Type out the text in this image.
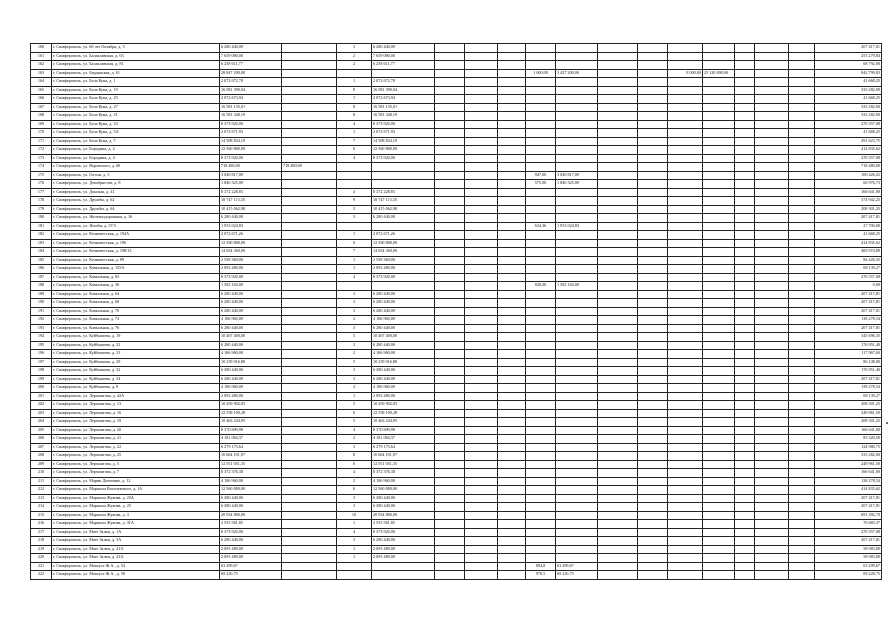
160	г. Симферополь, ул. 60 лет Октября, д. 3	6 280 440,00		3	6 280 440,00													207 417,81
161	г. Симферополь, ул. Балаклавская, д. 63	7 659 080,00		2	7 659 080,00													253 279,84
162	г. Симферополь, ул. Балаклавская, д. 81	6 238 611,77		2	6 238 611,77													68 792,00
163	г. Симферополь, ул. Бердянская, д. 61	28 847 200,00							1 600,00	3 427 200,00			8 000,00	25 120 000,00				842 799,83
164	г. Симферополь, ул. Бела Куна, д. 1	2 072 672,78		1	2 072 672,78													41 668,25
165	г. Симферополь, ул. Бела Куна, д. 19	16 581 390,04		8	16 581 390,04													333 282,00
166	г. Симферополь, ул. Бела Куна, д. 25	2 072 673,94		1	2 072 673,94													41 668,25
167	г. Симферополь, ул. Бела Куна, д. 27	16 581 135,01		8	16 581 135,01													333 282,00
168	г. Симферополь, ул. Бела Куна, д. 31	16 581 348,19		8	16 581 348,19													333 282,00
169	г. Симферополь, ул. Бела Куна, д. 33	8 373 920,00		4	8 373 920,00													276 557,08
170	г. Симферополь, ул. Бела Куна, д. 5А	2 072 671,93		1	2 072 671,93													41 668,25
171	г. Симферополь, ул. Бела Куна, д. 7	14 508 834,19		7	14 508 834,19													291 623,75
172	г. Симферополь, ул. Бородина, д. 2	12 560 880,00		6	12 560 880,00													414 835,62
173	г. Симферополь, ул. Бородина, д. 4	8 373 920,00		4	8 373 920,00													276 557,08
174	г. Симферополь, ул. Воровского, д. 60	718 480,00	718 480,00															718 480,00
175	г. Симферополь, ул. Гоголя, д. 5	3 040 817,00							947,00	3 040 817,00								100 426,02
176	г. Симферополь, ул. Декабристов, д. 8	1 846 325,00							575,00	1 846 325,00								60 976,73
177	г. Симферополь, ул. Донская, д. 41	8 372 228,83		4	8 372 228,83													166 641,00
178	г. Симферополь, ул. Дружбы, д. 62	18 747 113,35		9	18 747 113,35													374 942,25
179	г. Симферополь, ул. Дружбы, д. 64	10 415 062,98		5	10 415 062,98													208 301,25
180	г. Симферополь, ул. Железнодорожная, д. 16	6 280 440,00		3	6 280 440,00													207 417,81
181	г. Симферополь, ул. Жлобы, д. 37/3	1 933 024,83							634,36	1 933 024,83								27 700,00
182	г. Симферополь, ул. Кечкеметская, д. 194А	2 072 671,26		1	2 072 671,26													41 668,25
183	г. Симферополь, ул. Кечкеметская, д. 196	12 560 880,00		6	12 560 880,00													414 835,62
184	г. Симферополь, ул. Кечкеметская, д. 198/13	14 654 360,00		7	14 654 360,00													483 974,89
185	г. Симферополь, ул. Кечкеметская, д. 89	2 558 360,00		1	2 558 360,00													84 426,35
186	г. Симферополь, ул. Ковыльная, д. 155А	2 093 480,00		1	2 093 480,00													69 139,27
187	г. Симферополь, ул. Ковыльная, д. 83	8 373 920,00		4	8 373 920,00													276 557,08
188	г. Симферополь, ул. Ковыльная, д. 36	1 582 104,00							828,00	1 582 104,00								0,00
189	г. Симферополь, ул. Ковыльная, д. 64	6 280 440,00		3	6 280 440,00													207 417,81
190	г. Симферополь, ул. Ковыльная, д. 68	6 280 440,00		3	6 280 440,00													207 417,81
191	г. Симферополь, ул. Ковыльная, д. 70	6 280 440,00		3	6 280 440,00													207 417,81
192	г. Симферополь, ул. Ковыльная, д. 74	4 186 960,00		2	4 186 960,00													138 278,54
193	г. Симферополь, ул. Ковыльная, д. 76	6 280 440,00		3	6 280 440,00													207 417,81
194	г. Симферополь, ул. Куйбышева, д. 19	10 467 400,00		5	10 467 400,00													345 696,35
195	г. Симферополь, ул. Куйбышева, д. 22	6 280 440,00		3	6 280 440,00													176 951,40
196	г. Симферополь, ул. Куйбышева, д. 23	4 186 960,00		2	4 186 960,00													117 967,60
197	г. Симферополь, ул. Куйбышева, д. 29	10 239 016,80		5	10 239 016,80													86 148,00
198	г. Симферополь, ул. Куйбышева, д. 32	6 280 440,00		3	6 280 440,00													176 951,40
199	г. Симферополь, ул. Куйбышева, д. 34	6 280 440,00		3	6 280 440,00													207 417,81
200	г. Симферополь, ул. Куйбышева, д. 9	4 186 960,00		2	4 186 960,00													138 278,54
201	г. Симферополь, ул. Лермонтова, д. 42А	2 093 480,00		1	2 093 480,00													69 139,27
202	г. Симферополь, ул. Лермонтова, д. 13	10 459 902,83		5	10 459 902,83													208 301,25
203	г. Симферополь, ул. Лермонтова, д. 16	12 558 100,28		6	12 558 100,28													249 961,50
204	г. Симферополь, ул. Лермонтова, д. 18	10 463 244,95		5	10 463 244,95													208 301,25
205	г. Симферополь, ул. Лермонтова, д. 20	8 370 699,98		4	8 370 699,98													166 641,00
206	г. Симферополь, ул. Лермонтова, д. 21	4 181 064,37		2	4 181 064,37													83 320,50
207	г. Симферополь, ул. Лермонтова, д. 22	6 279 175,64		3	6 279 175,64													124 980,75
208	г. Симферополь, ул. Лермонтова, д. 25	16 664 101,97		8	16 664 101,97													333 282,00
209	г. Симферополь, ул. Лермонтова, д. 5	12 551 051,35		6	12 551 051,35													249 961,50
210	г. Симферополь, ул. Лермонтова, д. 7	8 372 376,38		4	8 372 376,38													166 641,00
211	г. Симферополь, ул. Марии Демченко, д. 12	4 186 960,00		2	4 186 960,00													138 278,54
212	г. Симферополь, ул. Маршала Василевского, д. 16	12 560 880,00		6	12 560 880,00													414 835,62
213	г. Симферополь, ул. Маршала Жукова, д. 23А	6 280 440,00		3	6 280 440,00													207 417,81
214	г. Симферополь, ул. Маршала Жукова, д. 25	6 280 440,00		3	6 280 440,00													207 417,81
215	г. Симферополь, ул. Маршала Жукова, д. 3	20 934 800,00		10	20 934 800,00													691 392,70
216	г. Симферополь, ул. Маршала Жукова, д. 31А	2 555 561,85		1	2 555 561,85													76 683,37
217	г. Симферополь, ул. Мате Залки, д. 1А	8 373 920,00		4	8 373 920,00													276 557,08
218	г. Симферополь, ул. Мате Залки, д. 3А	6 280 440,00		3	6 280 440,00													207 417,81
219	г. Симферополь, ул. Мате Залки, д. 21А	2 093 480,00		1	2 093 480,00													58 983,80
220	г. Симферополь, ул. Мате Залки, д. 23А	2 093 480,00		1	2 093 480,00													58 983,80
221	г. Симферополь, ул. Мокоусе Ж.А., д. 54	63 299,67							894,8	63 299,67								63 299,67
222	г. Симферополь, ул. Мокоусе Ж.А., д. 58	69 220,75							978,5	69 220,75								69 228,75
